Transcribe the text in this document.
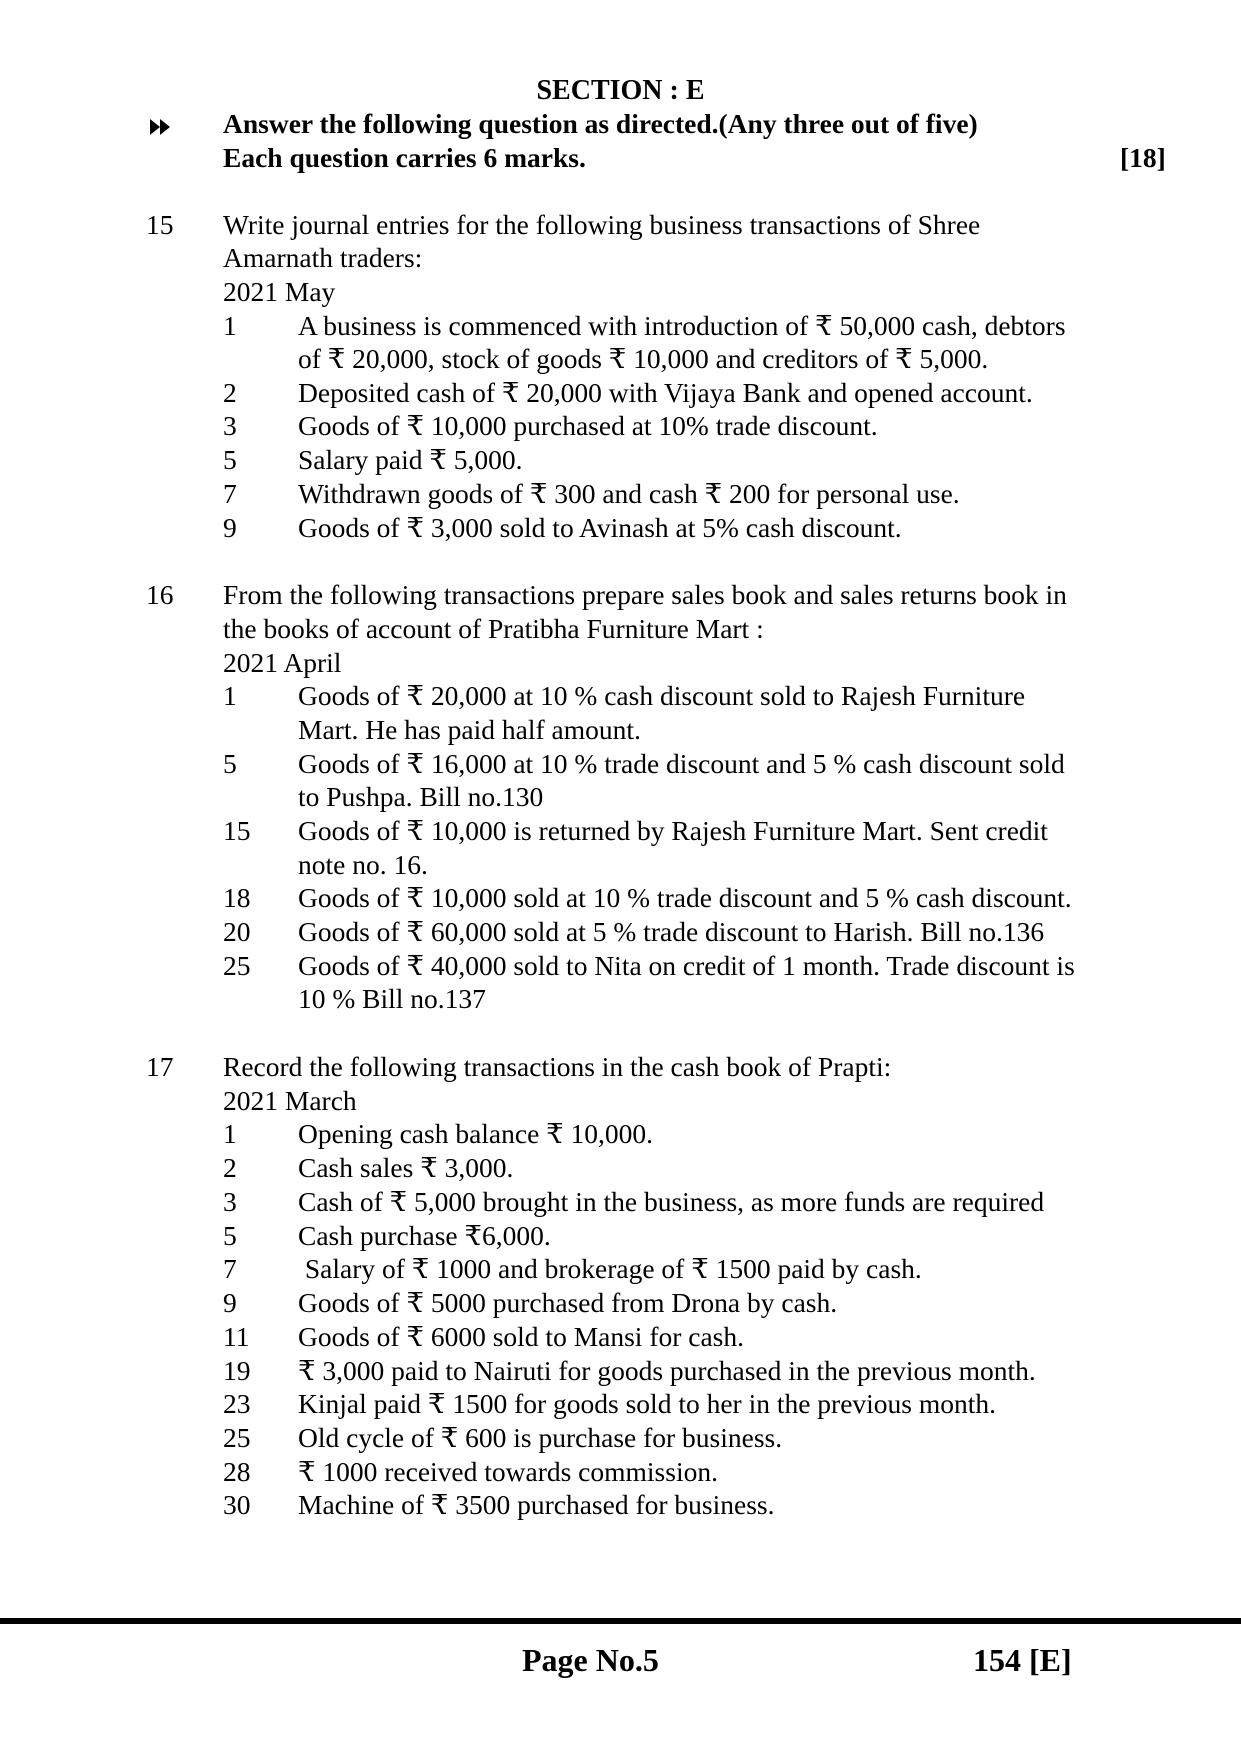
SECTION : E
Answer the following question as directed.(Any three out of five)
Each question carries 6 marks.	[18]
15 Write journal entries for the following business transactions of Shree
Amarnath traders:
2021 May
1	A business is commenced with introduction of ₹ 50,000 cash, debtors
of ₹ 20,000, stock of goods ₹ 10,000 and creditors of ₹ 5,000.
2	Deposited cash of ₹ 20,000 with Vijaya Bank and opened account.
3	Goods of ₹ 10,000 purchased at 10% trade discount.
5	Salary paid ₹ 5,000.
7	Withdrawn goods of ₹ 300 and cash ₹ 200 for personal use.
9	Goods of ₹ 3,000 sold to Avinash at 5% cash discount.
16 From the following transactions prepare sales book and sales returns book in
the books of account of Pratibha Furniture Mart :
2021 April
1	Goods of ₹ 20,000 at 10 % cash discount sold to Rajesh Furniture
Mart. He has paid half amount.
5	Goods of ₹ 16,000 at 10 % trade discount and 5 % cash discount sold
to Pushpa. Bill no.130
15	Goods of ₹ 10,000 is returned by Rajesh Furniture Mart. Sent credit
note no. 16.
18	Goods of ₹ 10,000 sold at 10 % trade discount and 5 % cash discount.
20	Goods of ₹ 60,000 sold at 5 % trade discount to Harish. Bill no.136
25	Goods of ₹ 40,000 sold to Nita on credit of 1 month. Trade discount is
10 % Bill no.137
17 Record the following transactions in the cash book of Prapti:
2021 March
1	Opening cash balance ₹ 10,000.
2	Cash sales ₹ 3,000.
3	Cash of ₹ 5,000 brought in the business, as more funds are required
5	Cash purchase ₹6,000.
7	Salary of ₹ 1000 and brokerage of ₹ 1500 paid by cash.
9	Goods of ₹ 5000 purchased from Drona by cash.
11	Goods of ₹ 6000 sold to Mansi for cash.
19	₹ 3,000 paid to Nairuti for goods purchased in the previous month.
23	Kinjal paid ₹ 1500 for goods sold to her in the previous month.
25	Old cycle of ₹ 600 is purchase for business.
28	₹ 1000 received towards commission.
30	Machine of ₹ 3500 purchased for business.
Page No.5	154 [E]
